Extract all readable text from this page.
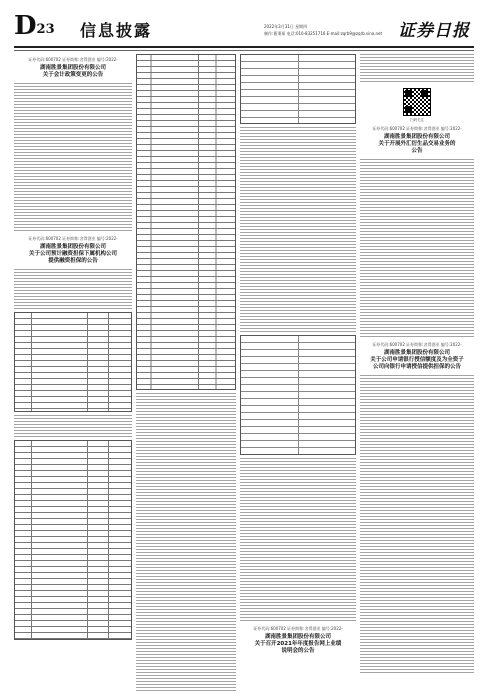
D23 信息披露	2022年3月31日 星期四
制作:曹秉琛 电话:010-83251716 E-mail:zqrb9@zqrb.sina.net 证券日报
证券代码:600702 证券简称:舍得酒业 编号:2022-
湖南胜景集团股份有限公司
关于会计政策变更的公告
证券代码:600702 证券简称:舍得酒业 编号:2022-
湖南胜景集团股份有限公司
关于公司预计融资担保下属机构公司
提供融资担保的公告
证券代码:600702 证券简称:舍得酒业 编号:2022-
湖南胜景集团股份有限公司
关于召开2021年年度报告网上业绩
说明会的公告
扫码关注
证券代码:600702 证券简称:舍得酒业 编号:2022-
湖南胜景集团股份有限公司
关于开展外汇衍生品交易业务的
公告
证券代码:600702 证券简称:舍得酒业 编号:2022-
湖南胜景集团股份有限公司
关于公司申请银行授信额度及为全资子
公司向银行申请授信提供担保的公告
